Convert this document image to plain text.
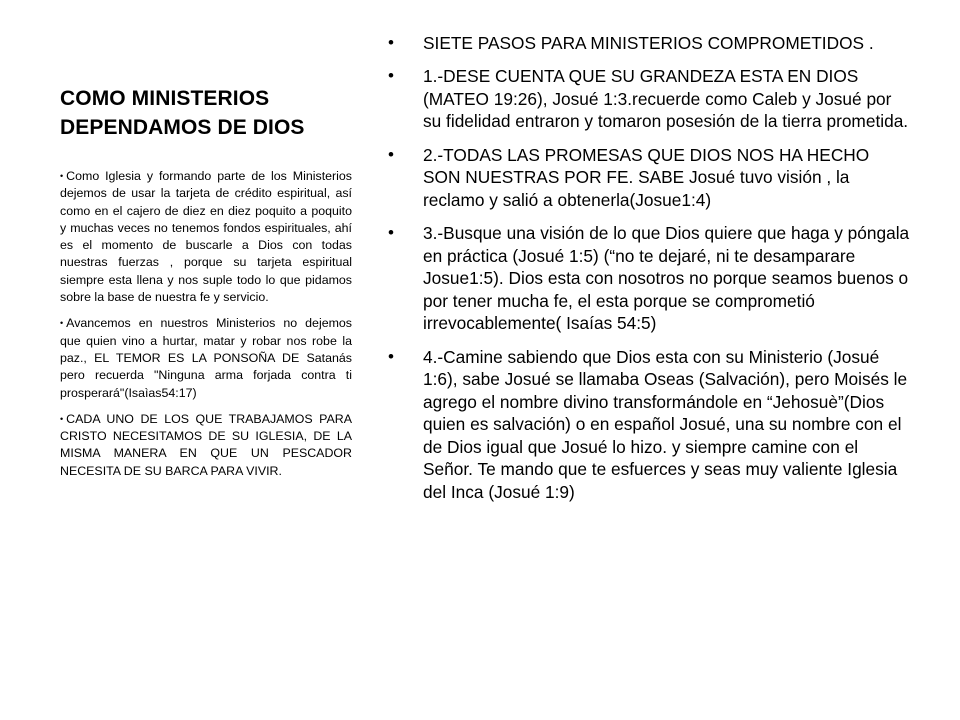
COMO MINISTERIOS DEPENDAMOS DE DIOS
• Como Iglesia y formando parte de los Ministerios dejemos de usar la tarjeta de crédito espiritual, así como en el cajero de diez en diez poquito a poquito y muchas veces no tenemos fondos espirituales, ahí es el momento de buscarle a Dios con todas nuestras fuerzas , porque su tarjeta espiritual siempre esta llena y nos suple todo lo que pidamos sobre la base de nuestra fe y servicio.
• Avancemos en nuestros Ministerios no dejemos que quien vino a hurtar, matar y robar nos robe la paz., EL TEMOR ES LA PONSOÑA DE Satanás pero recuerda "Ninguna arma forjada contra ti prosperará"(Isaìas54:17)
• CADA UNO DE LOS QUE TRABAJAMOS PARA CRISTO NECESITAMOS DE SU IGLESIA, DE LA MISMA MANERA EN QUE UN PESCADOR NECESITA DE SU BARCA PARA VIVIR.
• SIETE PASOS PARA MINISTERIOS COMPROMETIDOS .
• 1.-DESE CUENTA QUE SU GRANDEZA ESTA EN DIOS (MATEO 19:26), Josué 1:3.recuerde como Caleb y Josué por su fidelidad entraron y tomaron posesión de la tierra prometida.
• 2.-TODAS LAS PROMESAS QUE DIOS NOS HA HECHO SON NUESTRAS POR FE. SABE Josué tuvo visión , la reclamo y salió a obtenerla(Josue1:4)
• 3.-Busque una visión de lo que Dios quiere que haga y póngala en práctica (Josué 1:5) (“no te dejaré, ni te desamparare Josue1:5). Dios esta con nosotros no porque seamos buenos o por tener mucha fe, el esta porque se comprometió irrevocablemente( Isaías 54:5)
• 4.-Camine sabiendo que Dios esta con su Ministerio (Josué 1:6), sabe Josué se llamaba Oseas (Salvación), pero Moisés le agrego el nombre divino transformándole en “Jehosuè”(Dios quien es salvación) o en español Josué, una su nombre con el de Dios igual que Josué lo hizo. y siempre camine con el Señor. Te mando que te esfuerces y seas muy valiente Iglesia del Inca (Josué 1:9)
